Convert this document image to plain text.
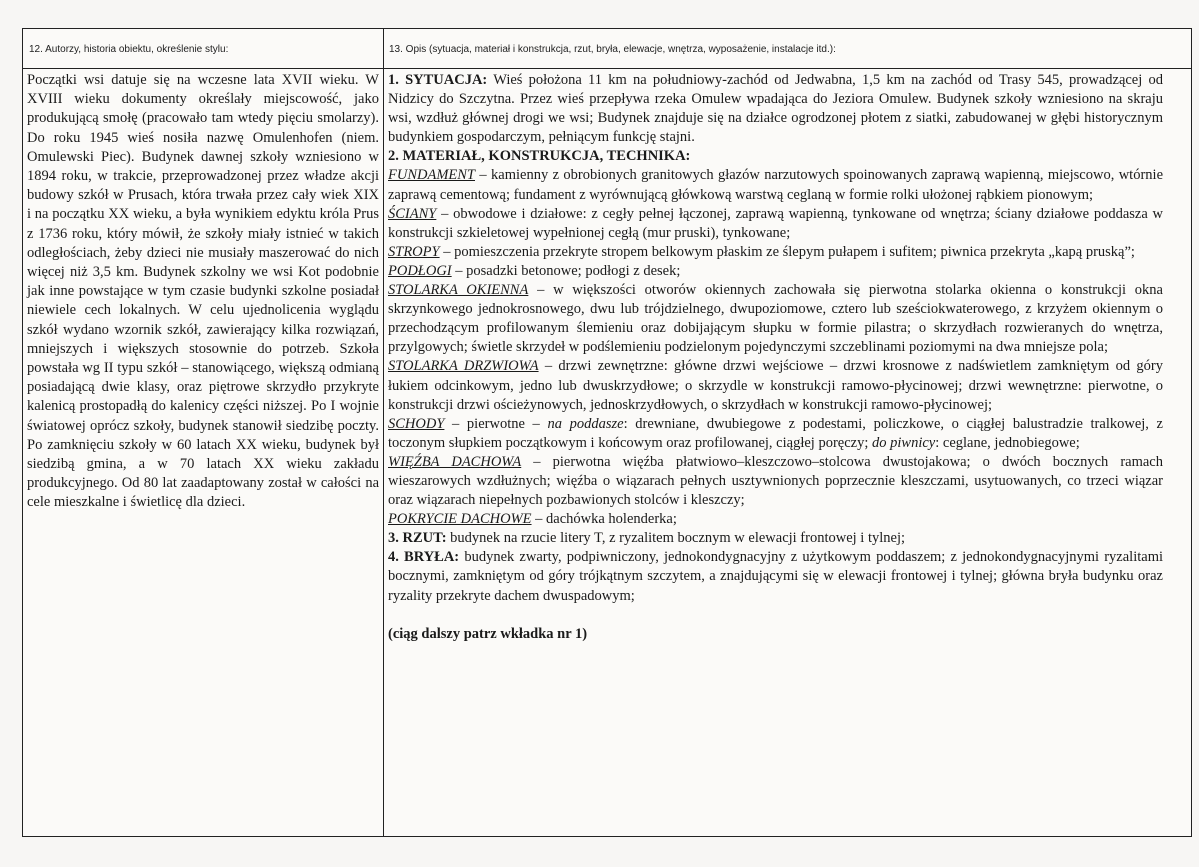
12. Autorzy, historia obiektu, określenie stylu:	13. Opis (sytuacja, materiał i konstrukcja, rzut, bryła, elewacje, wnętrza, wyposażenie, instalacje itd.):
Początki wsi datuje się na wczesne lata XVII wieku. W XVIII wieku dokumenty określały miejscowość, jako produkującą smołę (pracowało tam wtedy pięciu smolarzy). Do roku 1945 wieś nosiła nazwę Omulenhofen (niem. Omulewski Piec). Budynek dawnej szkoły wzniesiono w 1894 roku, w trakcie, przeprowadzonej przez władze akcji budowy szkół w Prusach, która trwała przez cały wiek XIX i na początku XX wieku, a była wynikiem edyktu króla Prus z 1736 roku, który mówił, że szkoły miały istnieć w takich odległościach, żeby dzieci nie musiały maszerować do nich więcej niż 3,5 km. Budynek szkolny we wsi Kot podobnie jak inne powstające w tym czasie budynki szkolne posiadał niewiele cech lokalnych. W celu ujednolicenia wyglądu szkół wydano wzornik szkół, zawierający kilka rozwiązań, mniejszych i większych stosownie do potrzeb. Szkoła powstała wg II typu szkół – stanowiącego, większą odmianą posiadającą dwie klasy, oraz piętrowe skrzydło przykryte kalenicą prostopadłą do kalenicy części niższej. Po I wojnie światowej oprócz szkoły, budynek stanowił siedzibę poczty. Po zamknięciu szkoły w 60 latach XX wieku, budynek był siedzibą gmina, a w 70 latach XX wieku zakładu produkcyjnego. Od 80 lat zaadaptowany został w całości na cele mieszkalne i świetlicę dla dzieci.

1. SYTUACJA: Wieś położona 11 km na południowy-zachód od Jedwabna, 1,5 km na zachód od Trasy 545, prowadzącej od Nidzicy do Szczytna. Przez wieś przepływa rzeka Omulew wpadająca do Jeziora Omulew. Budynek szkoły wzniesiono na skraju wsi, wzdłuż głównej drogi we wsi; Budynek znajduje się na działce ogrodzonej płotem z siatki, zabudowanej w głębi historycznym budynkiem gospodarczym, pełniącym funkcję stajni.

2. MATERIAŁ, KONSTRUKCJA, TECHNIKA:

FUNDAMENT – kamienny z obrobionych granitowych głazów narzutowych spoinowanych zaprawą wapienną, miejscowo, wtórnie zaprawą cementową; fundament z wyrównującą główkową warstwą ceglaną w formie rolki ułożonej rąbkiem pionowym;

ŚCIANY – obwodowe i działowe: z cegły pełnej łączonej, zaprawą wapienną, tynkowane od wnętrza; ściany działowe poddasza w konstrukcji szkieletowej wypełnionej cegłą (mur pruski), tynkowane;

STROPY – pomieszczenia przekryte stropem belkowym płaskim ze ślepym pułapem i sufitem; piwnica przekryta „kapą pruską”;

PODŁOGI – posadzki betonowe; podłogi z desek;

STOLARKA OKIENNA – w większości otworów okiennych zachowała się pierwotna stolarka okienna o konstrukcji okna skrzynkowego jednokrosnowego, dwu lub trójdzielnego, dwupoziomowe, cztero lub sześciokwaterowego, z krzyżem okiennym o przechodzącym profilowanym ślemieniu oraz dobijającym słupku w formie pilastra; o skrzydłach rozwieranych do wnętrza, przylgowych; świetle skrzydeł w podślemieniu podzielonym pojedynczymi szczeblinami poziomymi na dwa mniejsze pola;

STOLARKA DRZWIOWA – drzwi zewnętrzne: główne drzwi wejściowe – drzwi krosnowe z nadświetlem zamkniętym od góry łukiem odcinkowym, jedno lub dwuskrzydłowe; o skrzydle w konstrukcji ramowo-płycinowej; drzwi wewnętrzne: pierwotne, o konstrukcji drzwi ościeżynowych, jednoskrzydłowych, o skrzydłach w konstrukcji ramowo-płycinowej;

SCHODY – pierwotne – na poddasze: drewniane, dwubiegowe z podestami, policzkowe, o ciągłej balustradzie tralkowej, z toczonym słupkiem początkowym i końcowym oraz profilowanej, ciągłej poręczy; do piwnicy: ceglane, jednobiegowe;

WIĘŹBA DACHOWA – pierwotna więźba płatwiowo–kleszczowo–stolcowa dwustojakowa; o dwóch bocznych ramach wieszarowych wzdłużnych; więźba o wiązarach pełnych usztywnionych poprzecznie kleszczami, usytuowanych, co trzeci wiązar oraz wiązarach niepełnych pozbawionych stolców i kleszczy;

POKRYCIE DACHOWE – dachówka holenderka;

3. RZUT: budynek na rzucie litery T, z ryzalitem bocznym w elewacji frontowej i tylnej;

4. BRYŁA: budynek zwarty, podpiwniczony, jednokondygnacyjny z użytkowym poddaszem; z jednokondygnacyjnymi ryzalitami bocznymi, zamkniętym od góry trójkątnym szczytem, a znajdującymi się w elewacji frontowej i tylnej; główna bryła budynku oraz ryzality przekryte dachem dwuspadowym;

(ciąg dalszy patrz wkładka nr 1)
